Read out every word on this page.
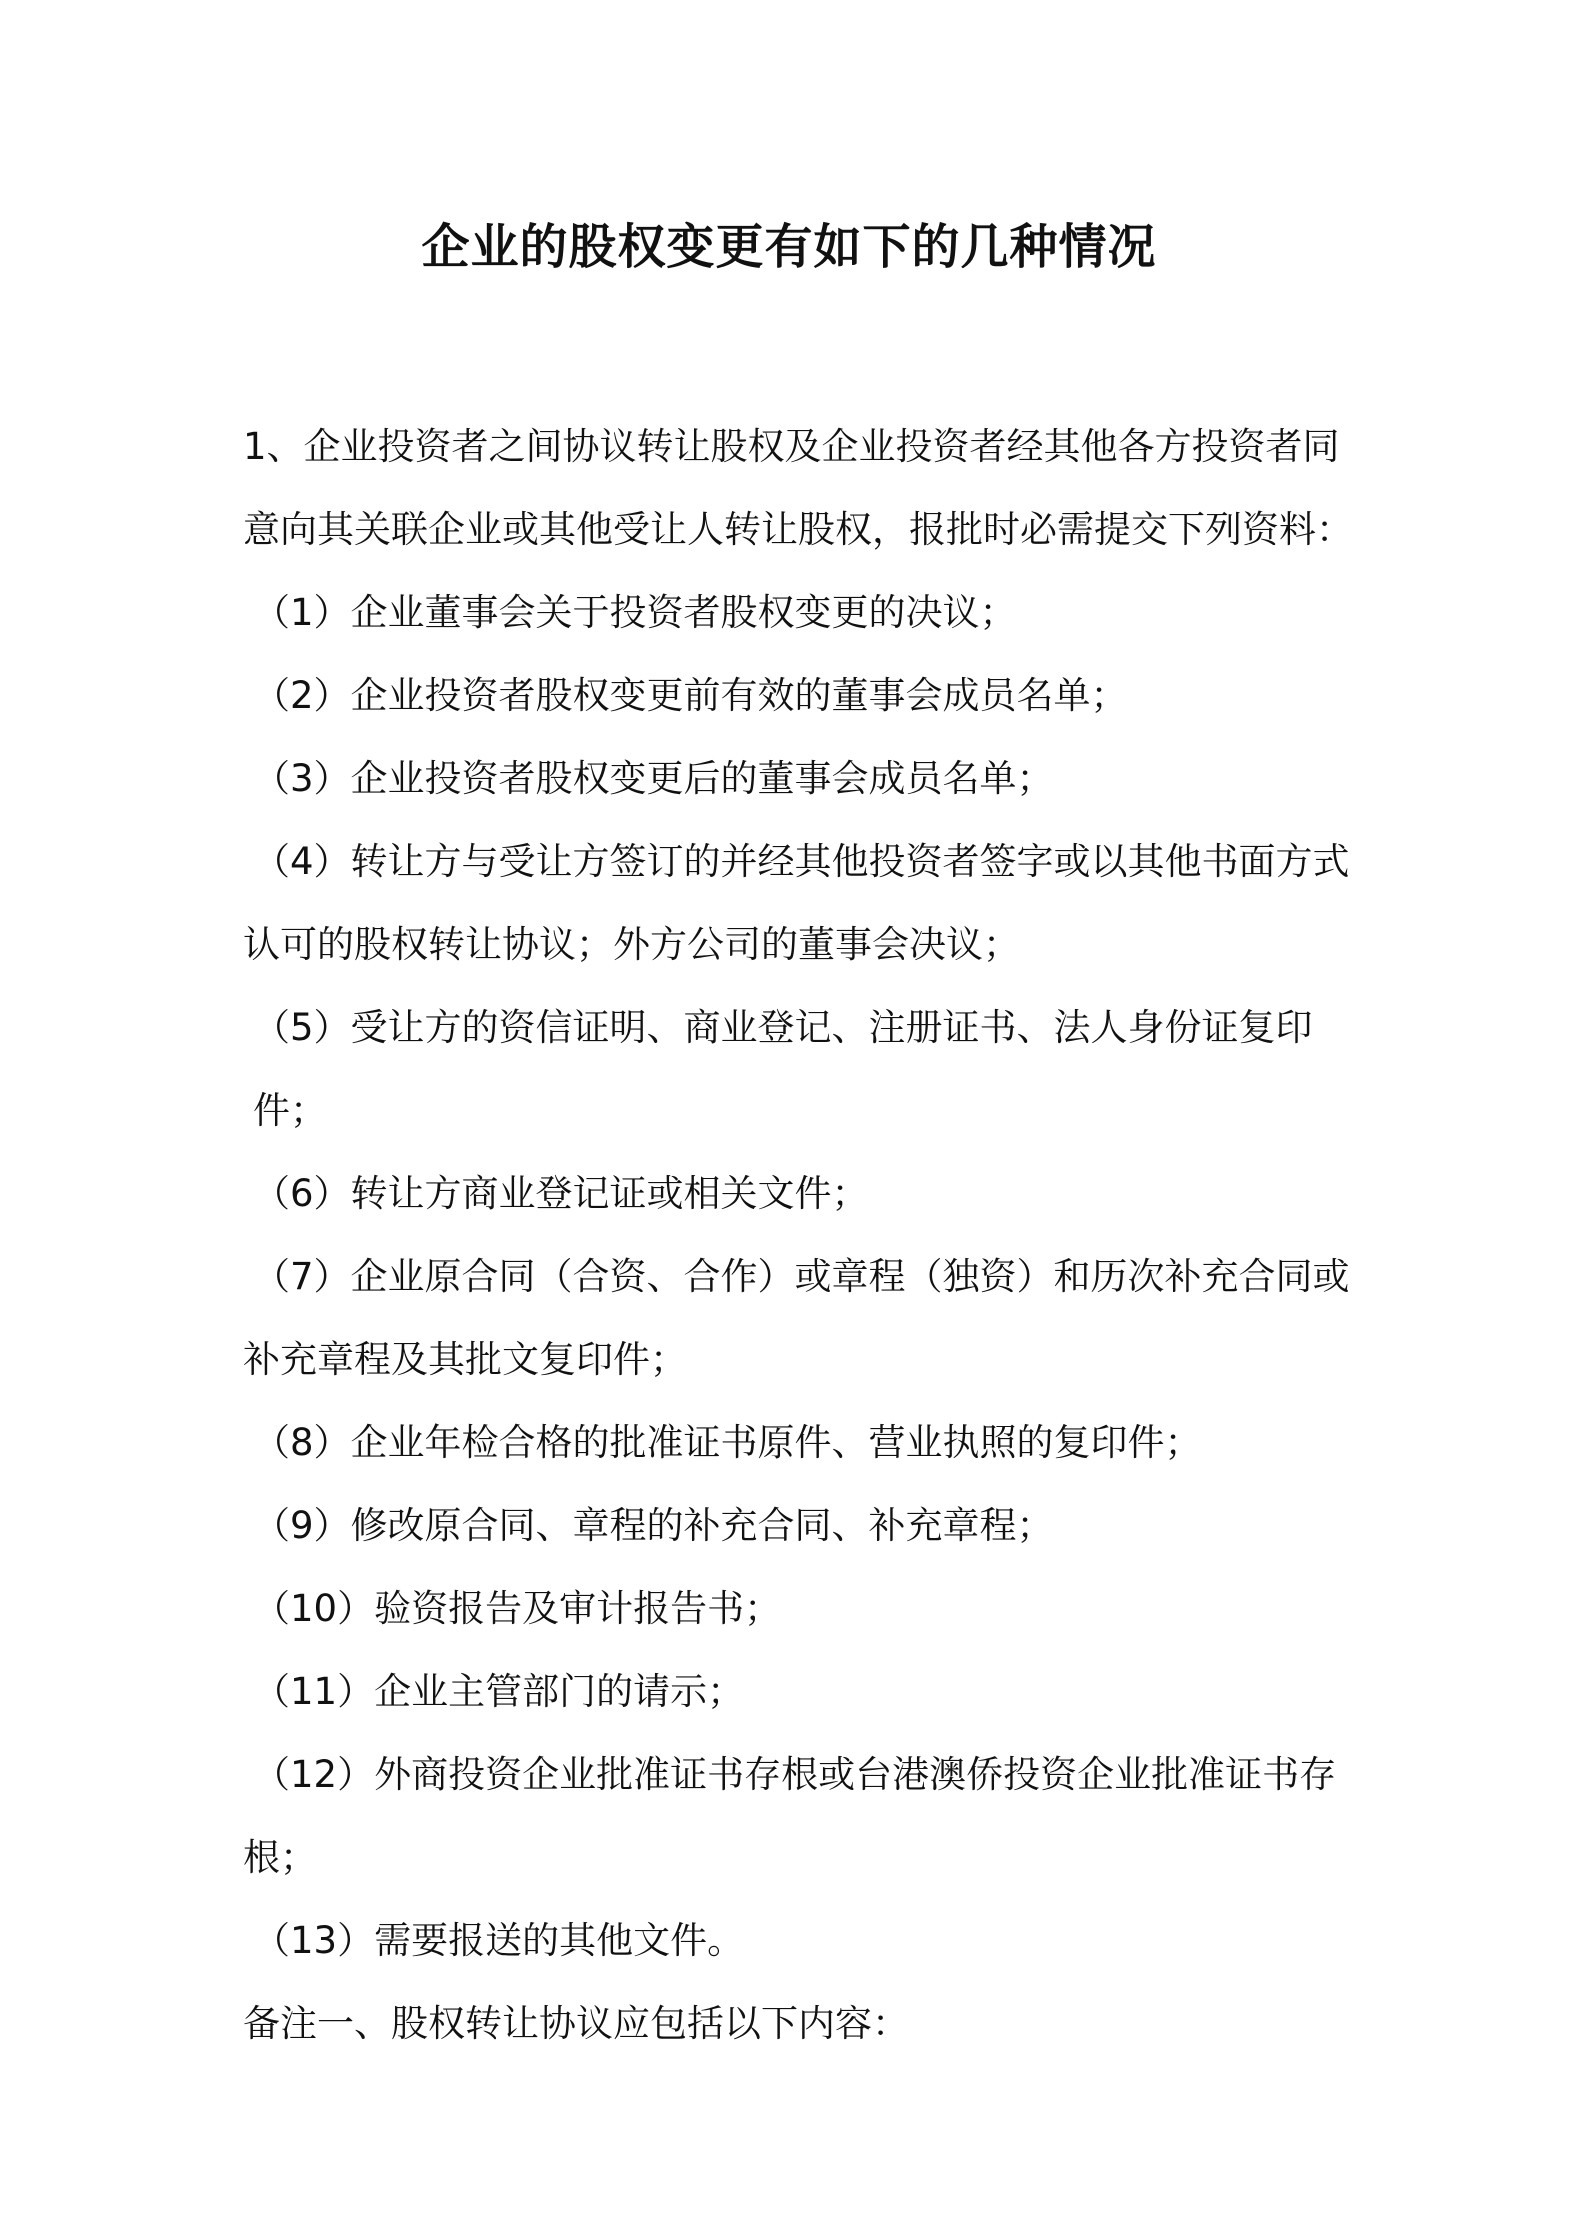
企业的股权变更有如下的几种情况

1、企业投资者之间协议转让股权及企业投资者经其他各方投资者同意向其关联企业或其他受让人转让股权，报批时必需提交下列资料：

（1）企业董事会关于投资者股权变更的决议；

（2）企业投资者股权变更前有效的董事会成员名单；

（3）企业投资者股权变更后的董事会成员名单；

（4）转让方与受让方签订的并经其他投资者签字或以其他书面方式认可的股权转让协议；外方公司的董事会决议；

（5）受让方的资信证明、商业登记、注册证书、法人身份证复印件；

（6）转让方商业登记证或相关文件；

（7）企业原合同（合资、合作）或章程（独资）和历次补充合同或补充章程及其批文复印件；

（8）企业年检合格的批准证书原件、营业执照的复印件；

（9）修改原合同、章程的补充合同、补充章程；

（10）验资报告及审计报告书；

（11）企业主管部门的请示；

（12）外商投资企业批准证书存根或台港澳侨投资企业批准证书存根；

（13）需要报送的其他文件。

备注一、股权转让协议应包括以下内容：
